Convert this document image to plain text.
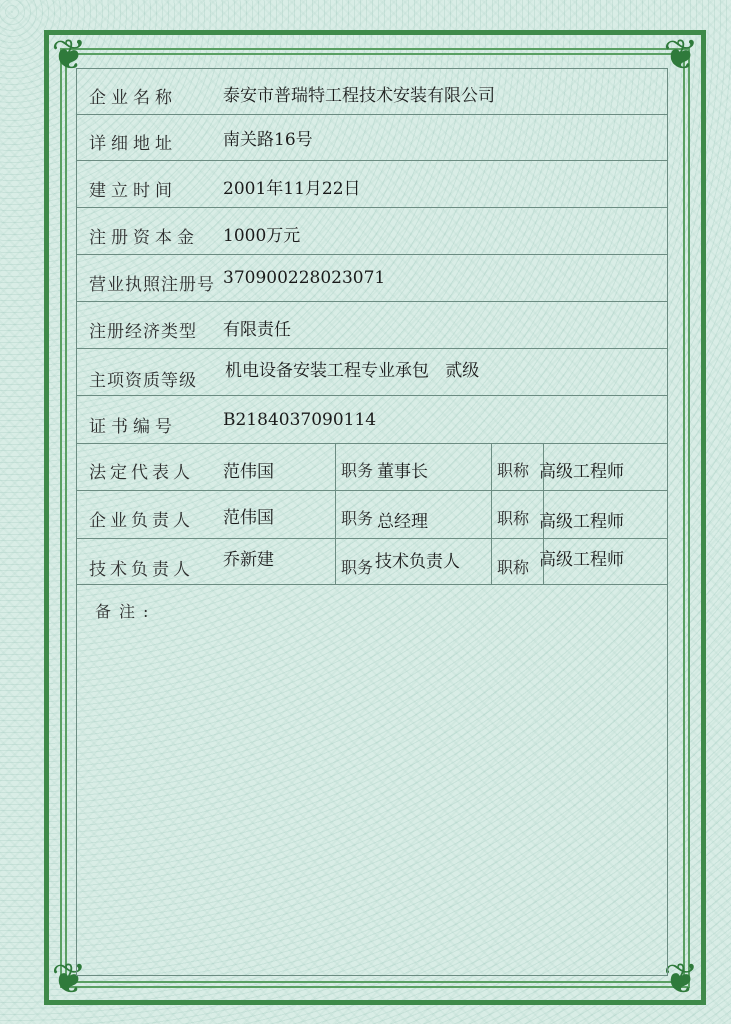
❦	❦
❦	❦
企业名称	泰安市普瑞特工程技术安装有限公司
详细地址	南关路16号
建立时间	2001年11月22日
注册资本金 1000万元
营业执照注册号 370900228023071
注册经济类型 有限责任
主项资质等级 机电设备安装工程专业承包   贰级
证书编号	B2184037090114
法定代表人 范伟国	职务 董事长	职称 高级工程师
企业负责人 范伟国	职务 总经理	职称 高级工程师
技术负责人 乔新建	职务 技术负责人 职称 高级工程师
备注:
